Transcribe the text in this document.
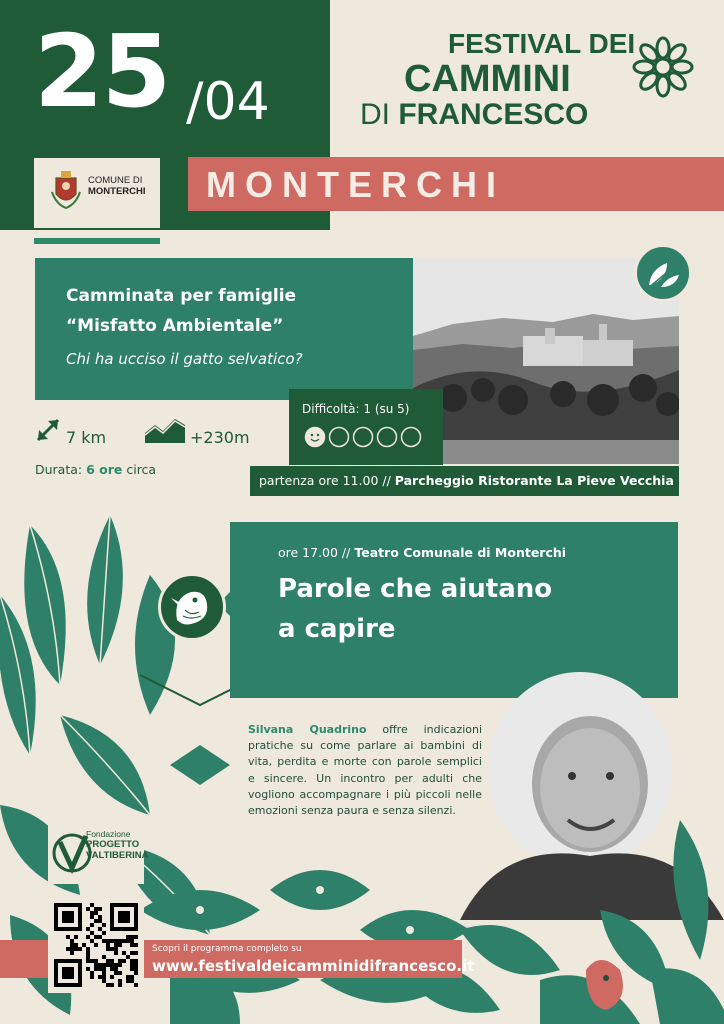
25 /04
COMUNE DI
MONTERCHI
FESTIVAL DEI
CAMMINI
DI FRANCESCO
MONTERCHI
Camminata per famiglie
“Misfatto Ambientale”
Chi ha ucciso il gatto selvatico?
Difficoltà: 1 (su 5)
7 km	+230m
Durata: 6 ore circa
partenza ore 11.00 // Parcheggio Ristorante La Pieve Vecchia
ore 17.00 // Teatro Comunale di Monterchi
Parole che aiutano
a capire
Silvana Quadrino offre indicazioni pratiche su come parlare ai bambini di vita, perdita e morte con parole semplici e sincere. Un incontro per adulti che vogliono accompagnare i più piccoli nelle emozioni senza paura e senza silenzi.
Fondazione
PROGETTO
VALTIBERINA
Scopri il programma completo su
www.festivaldeicamminidifrancesco.it
